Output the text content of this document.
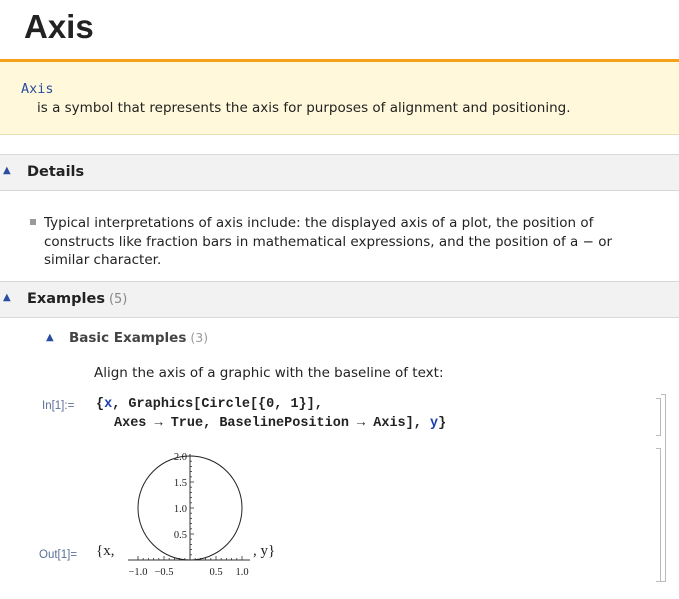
Axis
Axis
is a symbol that represents the axis for purposes of alignment and positioning.
▲ Details
Typical interpretations of axis include: the displayed axis of a plot, the position of constructs like fraction bars in mathematical expressions, and the position of a − or similar character.
▲ Examples (5)
▲ Basic Examples (3)
Align the axis of a graphic with the baseline of text:
In[1]:= {x, Graphics[Circle[{0, 1}],
Axes → True, BaselinePosition → Axis], y}
Out[1]= {x,	, y}
−1.0 −0.5	0.5 1.0
0.5
1.0
1.5
2.0
